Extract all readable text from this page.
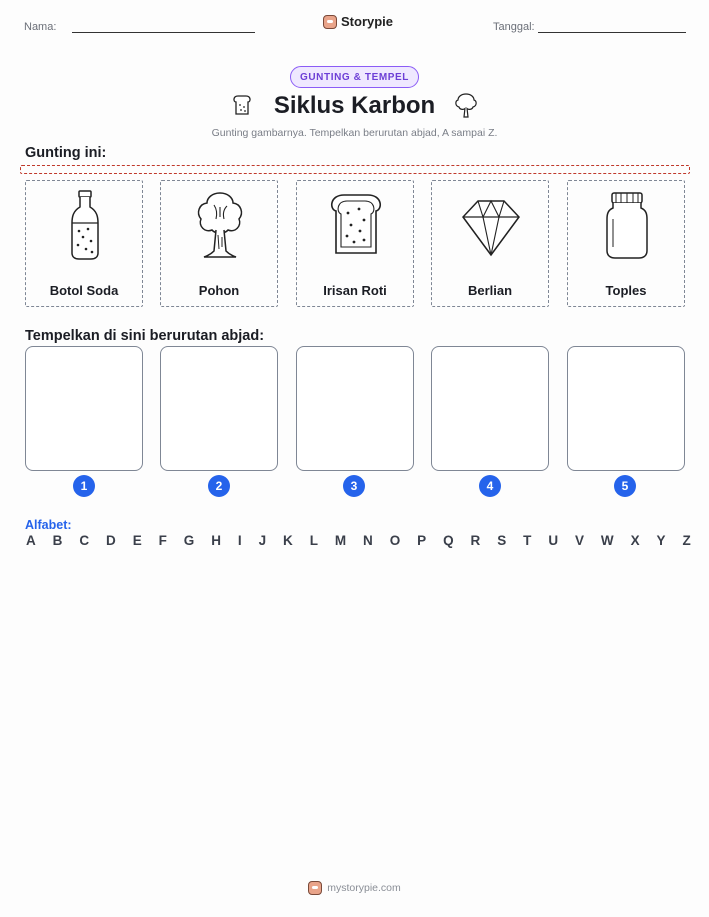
Nama:	Storypie	Tanggal:
GUNTING & TEMPEL
Siklus Karbon
Gunting gambarnya. Tempelkan berurutan abjad, A sampai Z.
Gunting ini:
Botol Soda	Pohon	Irisan Roti	Berlian	Toples
Tempelkan di sini berurutan abjad:
1	2	3	4	5
Alfabet:
A B C D E F G H I J K L M N O P Q R S T U V W X Y Z
mystorypie.com
